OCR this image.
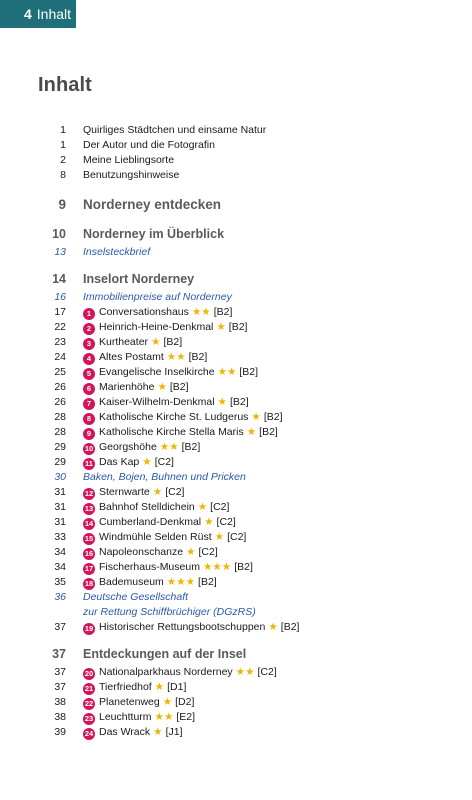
4 Inhalt
Inhalt
1 Quirliges Städtchen und einsame Natur
1 Der Autor und die Fotografin
2 Meine Lieblingsorte
8 Benutzungshinweise
9 Norderney entdecken
10 Norderney im Überblick
13 Inselsteckbrief
14 Inselort Norderney
16 Immobilienpreise auf Norderney
17	1 Conversationshaus ★★ [B2]
22	2 Heinrich-Heine-Denkmal ★ [B2]
23	3 Kurtheater ★ [B2]
24	4 Altes Postamt ★★ [B2]
25	5 Evangelische Inselkirche ★★ [B2]
26	6 Marienhöhe ★ [B2]
26	7 Kaiser-Wilhelm-Denkmal ★ [B2]
28	8 Katholische Kirche St. Ludgerus ★ [B2]
28	9 Katholische Kirche Stella Maris ★ [B2]
29	10 Georgshöhe ★★ [B2]
29	11 Das Kap ★ [C2]
30 Baken, Bojen, Buhnen und Pricken
31	12 Sternwarte ★ [C2]
31	13 Bahnhof Stelldichein ★ [C2]
31	14 Cumberland-Denkmal ★ [C2]
33	15 Windmühle Selden Rüst ★ [C2]
34	16 Napoleonschanze ★ [C2]
34	17 Fischerhaus-Museum ★★★ [B2]
35	18 Bademuseum ★★★ [B2]
36 Deutsche Gesellschaft
zur Rettung Schiffbrüchiger (DGzRS)
37	19 Historischer Rettungsbootschuppen ★ [B2]
37 Entdeckungen auf der Insel
37	20 Nationalparkhaus Norderney ★★ [C2]
37	21 Tierfriedhof ★ [D1]
38	22 Planetenweg ★ [D2]
38	23 Leuchtturm ★★ [E2]
39	24 Das Wrack ★ [J1]
